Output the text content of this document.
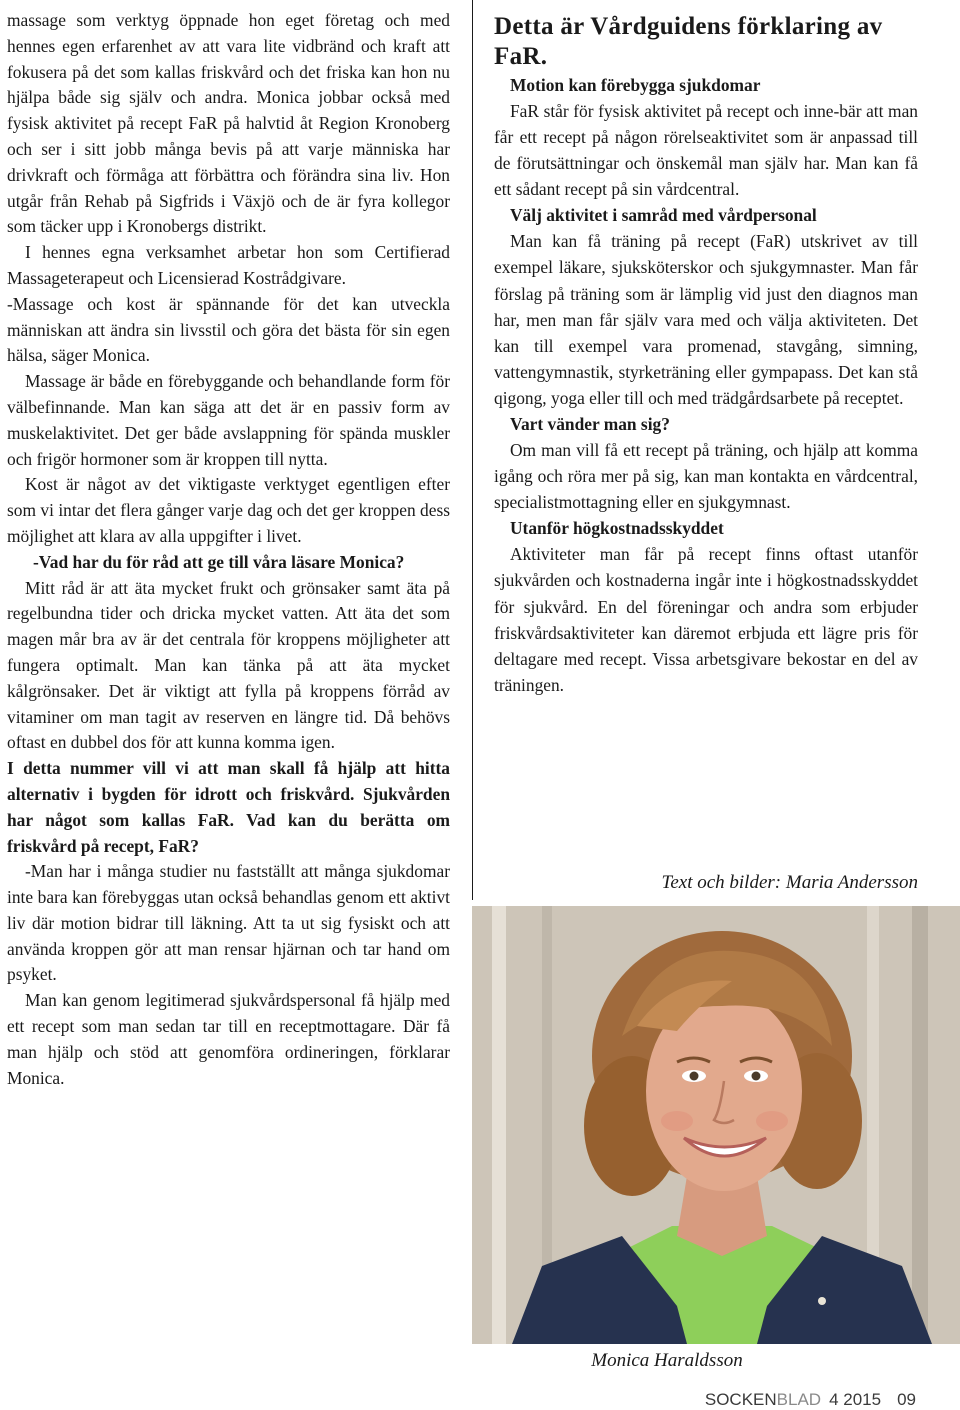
massage som verktyg öppnade hon eget företag och med hennes egen erfarenhet av att vara lite vidbränd och kraft att fokusera på det som kallas friskvård och det friska kan hon nu hjälpa både sig själv och andra. Monica jobbar också med fysisk aktivitet på recept FaR på halvtid åt Region Kronoberg och ser i sitt jobb många bevis på att varje människa har drivkraft och förmåga att förbättra och förändra sina liv. Hon utgår från Rehab på Sigfrids i Växjö och de är fyra kollegor som täcker upp i Kronobergs distrikt.

I hennes egna verksamhet arbetar hon som Certifierad Massageterapeut och Licensierad Kostrådgivare.

-Massage och kost är spännande för det kan utveckla människan att ändra sin livsstil och göra det bästa för sin egen hälsa, säger Monica.

Massage är både en förebyggande och behandlande form för välbefinnande. Man kan säga att det är en passiv form av muskelaktivitet. Det ger både avslappning för spända muskler och frigör hormoner som är kroppen till nytta.

Kost är något av det viktigaste verktyget egentligen efter som vi intar det flera gånger varje dag och det ger kroppen dess möjlighet att klara av alla uppgifter i livet.

-Vad har du för råd att ge till våra läsare Monica?

Mitt råd är att äta mycket frukt och grönsaker samt äta på regelbundna tider och dricka mycket vatten. Att äta det som magen mår bra av är det centrala för kroppens möjligheter att fungera optimalt. Man kan tänka på att äta mycket kålgrönsaker. Det är viktigt att fylla på kroppens förråd av vitaminer om man tagit av reserven en längre tid. Då behövs oftast en dubbel dos för att kunna komma igen.

I detta nummer vill vi att man skall få hjälp att hitta alternativ i bygden för idrott och friskvård. Sjukvården har något som kallas FaR. Vad kan du berätta om friskvård på recept, FaR?

-Man har i många studier nu fastställt att många sjukdomar inte bara kan förebyggas utan också behandlas genom ett aktivt liv där motion bidrar till läkning. Att ta ut sig fysiskt och att använda kroppen gör att man rensar hjärnan och tar hand om psyket.

Man kan genom legitimerad sjukvårdspersonal få hjälp med ett recept som man sedan tar till en receptmottagare. Där få man hjälp och stöd att genomföra ordineringen, förklarar Monica.

Detta är Vårdguidens förklaring av FaR.
Motion kan förebygga sjukdomar

FaR står för fysisk aktivitet på recept och inne-bär att man får ett recept på någon rörelseaktivitet som är anpassad till de förutsättningar och önskemål man själv har. Man kan få ett sådant recept på sin vårdcentral.

Välj aktivitet i samråd med vårdpersonal

Man kan få träning på recept (FaR) utskrivet av till exempel läkare, sjuksköterskor och sjukgymnaster. Man får förslag på träning som är lämplig vid just den diagnos man har, men man får själv vara med och välja aktiviteten. Det kan till exempel vara promenad, stavgång, simning, vattengymnastik, styrketräning eller gympapass. Det kan stå qigong, yoga eller till och med trädgårdsarbete på receptet.

Vart vänder man sig?

Om man vill få ett recept på träning, och hjälp att komma igång och röra mer på sig, kan man kontakta en vårdcentral, specialistmottagning eller en sjukgymnast.

Utanför högkostnadsskyddet

Aktiviteter man får på recept finns oftast utanför sjukvården och kostnaderna ingår inte i högkostnadsskyddet för sjukvård. En del föreningar och andra som erbjuder friskvårdsaktiviteter kan däremot erbjuda ett lägre pris för deltagare med recept. Vissa arbetsgivare bekostar en del av träningen.

Text och bilder: Maria Andersson
Monica Haraldsson
SOCKENBLAD 4 2015 09
